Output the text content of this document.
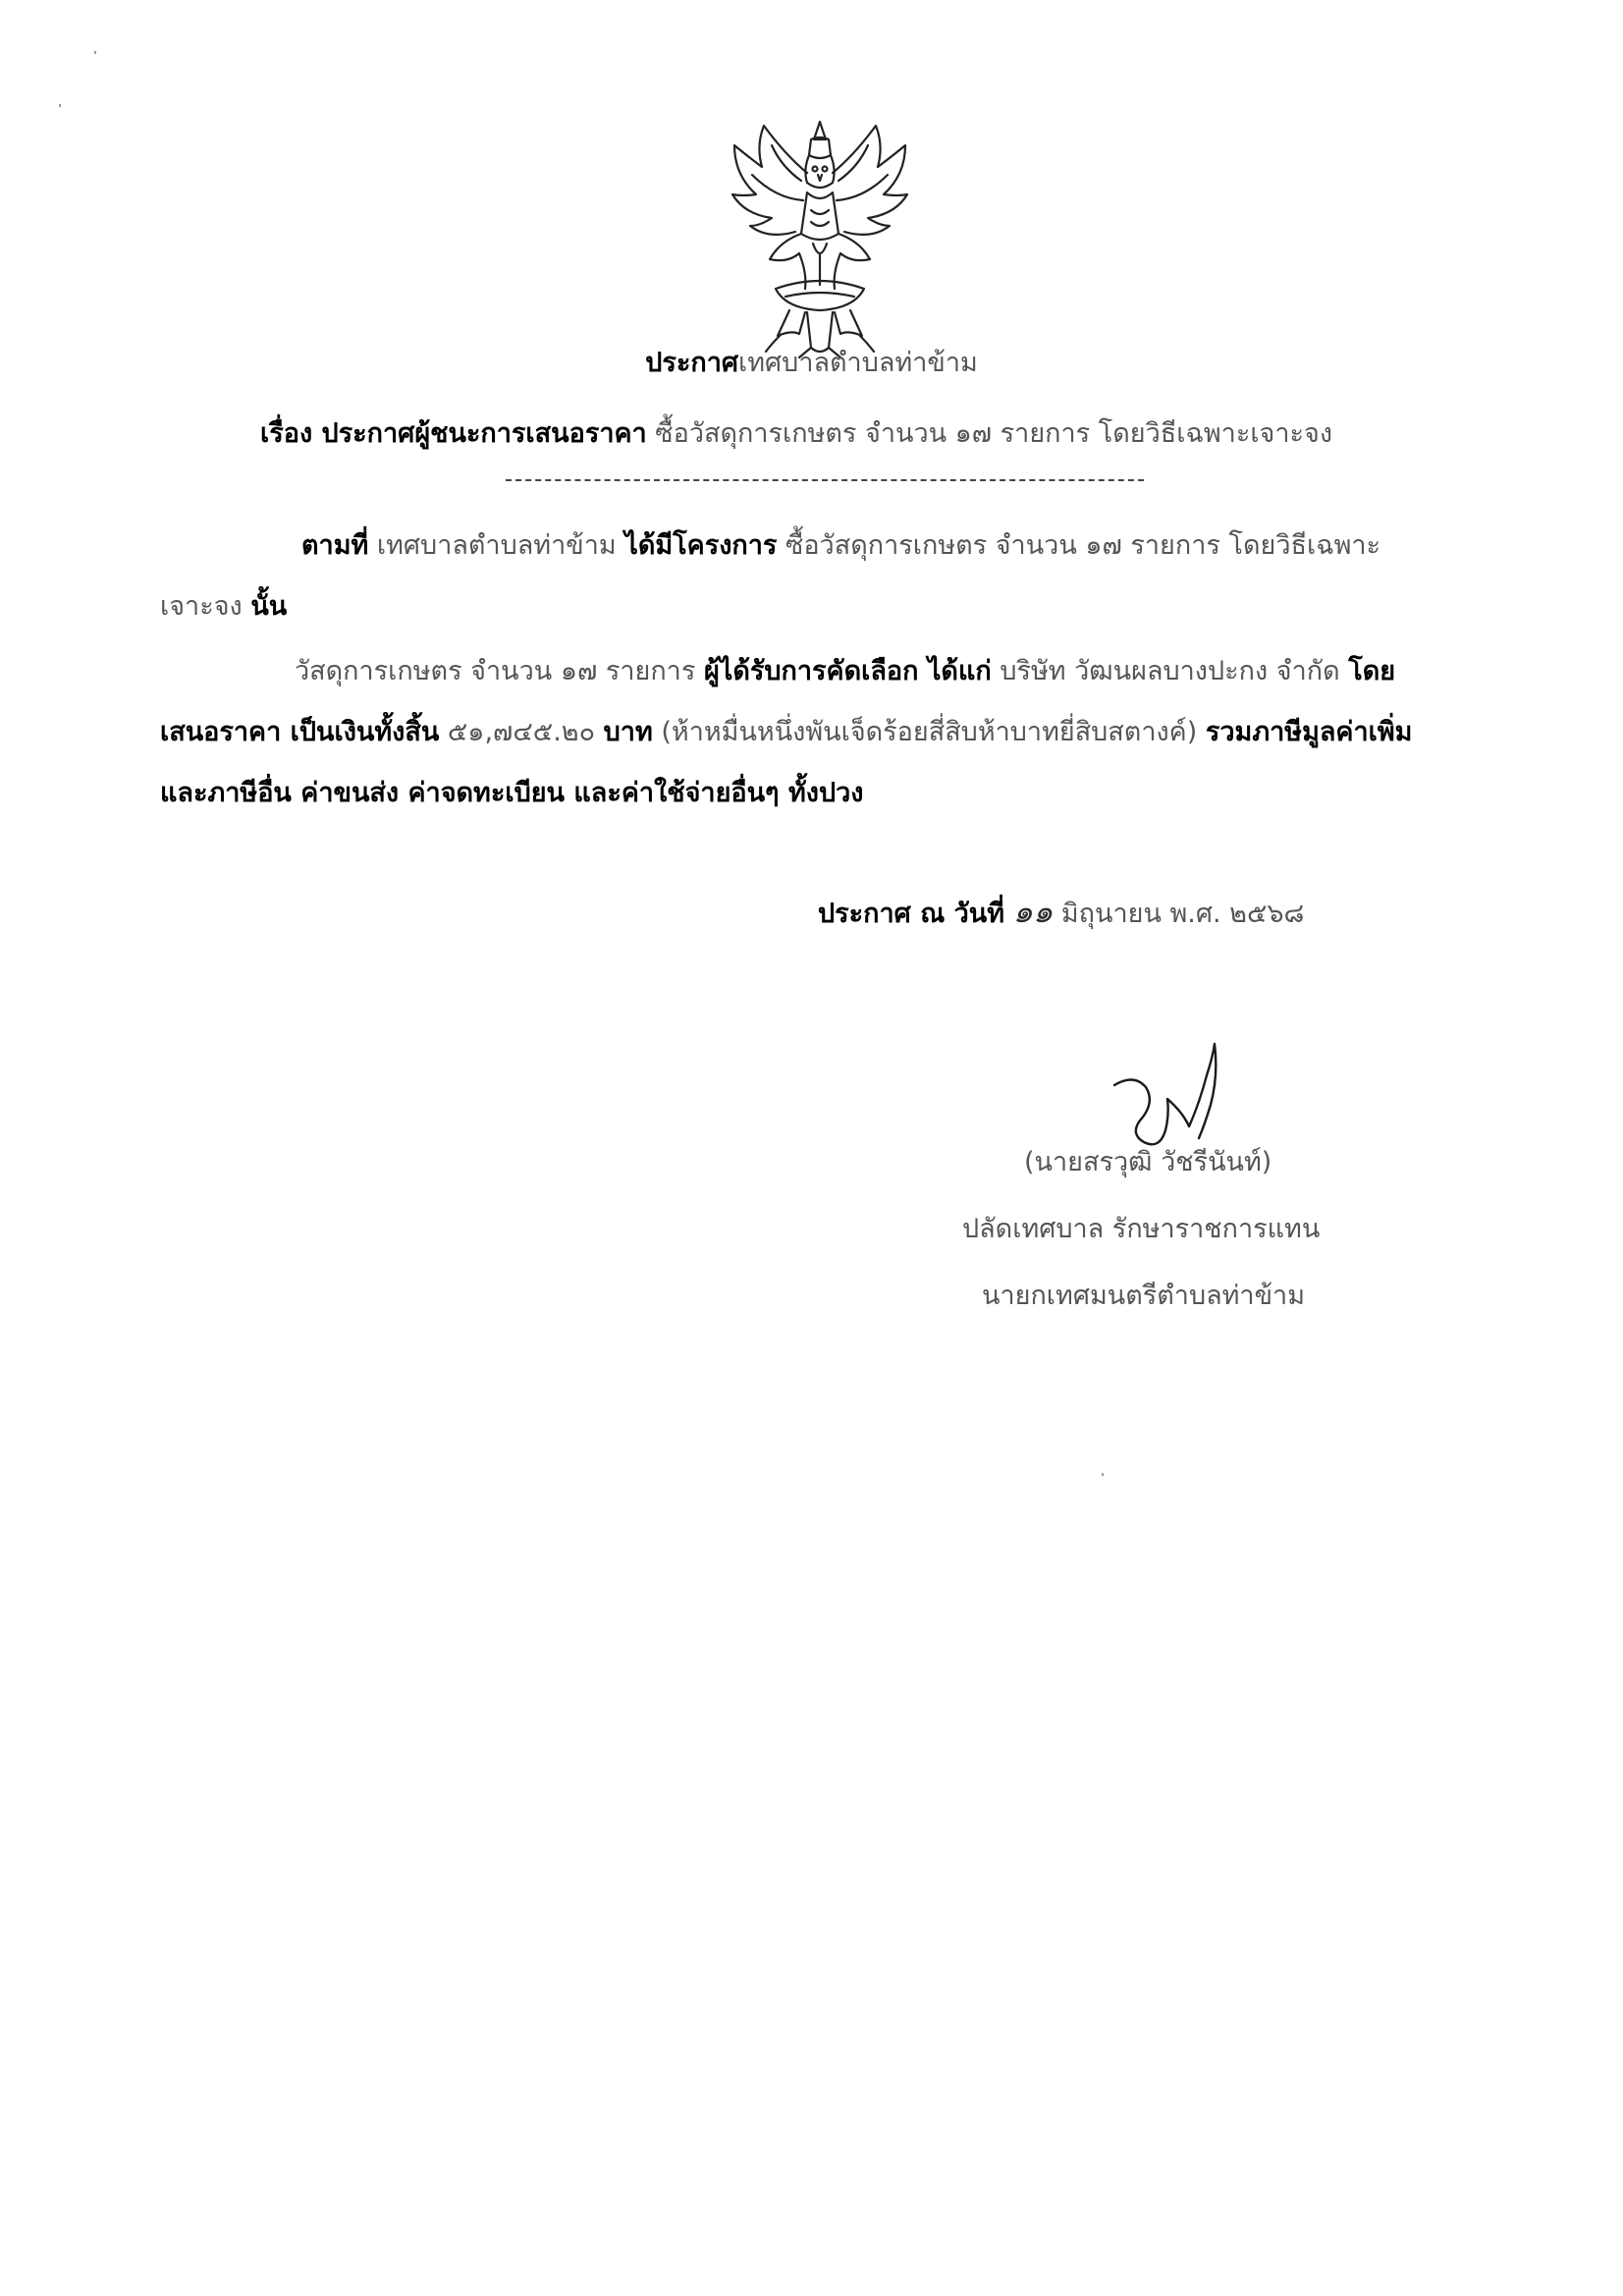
ประกาศเทศบาลตำบลท่าข้าม
เรื่อง ประกาศผู้ชนะการเสนอราคา ซื้อวัสดุการเกษตร จำนวน ๑๗ รายการ โดยวิธีเฉพาะเจาะจง
ตามที่ เทศบาลตำบลท่าข้าม ได้มีโครงการ ซื้อวัสดุการเกษตร จำนวน ๑๗ รายการ โดยวิธีเฉพาะ
เจาะจง นั้น
วัสดุการเกษตร จำนวน ๑๗ รายการ ผู้ได้รับการคัดเลือก ได้แก่ บริษัท วัฒนผลบางปะกง จำกัด โดย
เสนอราคา เป็นเงินทั้งสิ้น ๕๑,๗๔๕.๒๐ บาท (ห้าหมื่นหนึ่งพันเจ็ดร้อยสี่สิบห้าบาทยี่สิบสตางค์) รวมภาษีมูลค่าเพิ่ม
และภาษีอื่น ค่าขนส่ง ค่าจดทะเบียน และค่าใช้จ่ายอื่นๆ ทั้งปวง
ประกาศ ณ วันที่ ๑๑ มิถุนายน พ.ศ. ๒๕๖๘
(นายสรวุฒิ วัชรีนันท์)
ปลัดเทศบาล รักษาราชการแทน
นายกเทศมนตรีตำบลท่าข้าม
